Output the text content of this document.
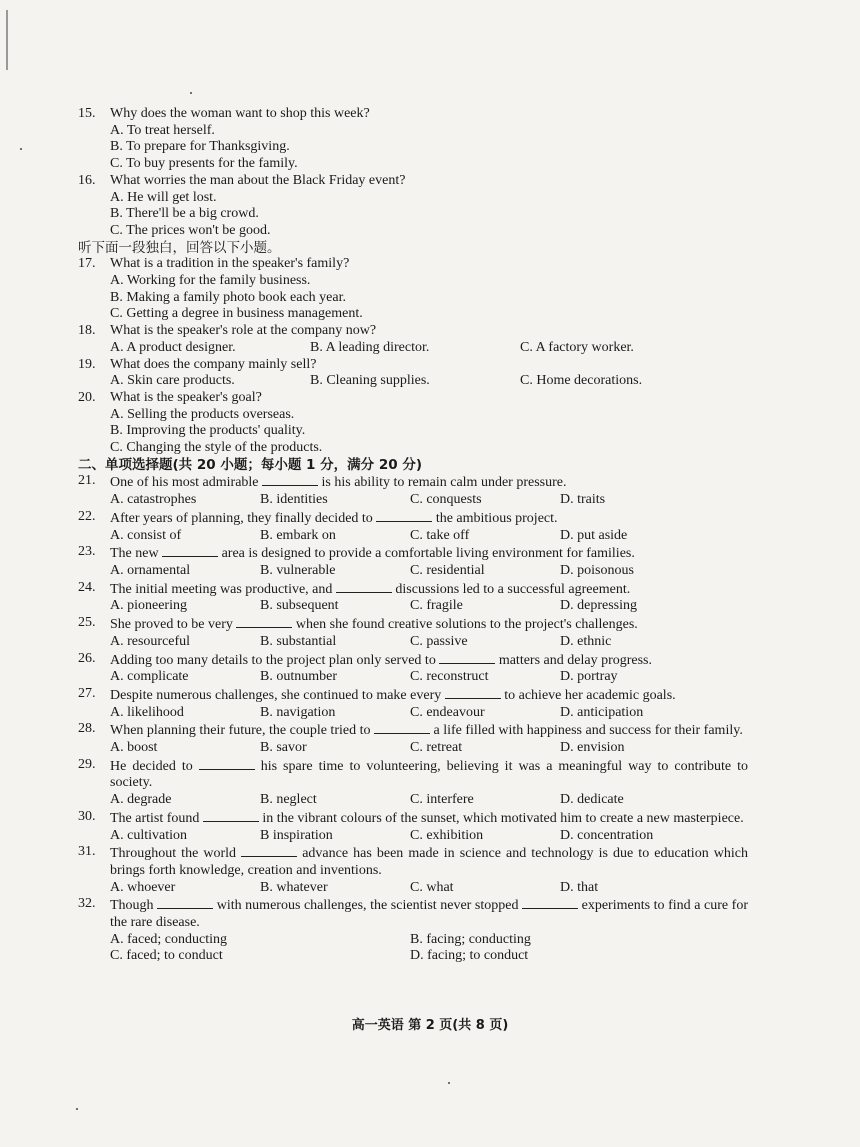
15.	Why does the woman want to shop this week?
A. To treat herself.
B. To prepare for Thanksgiving.
C. To buy presents for the family.
16.	What worries the man about the Black Friday event?
A. He will get lost.
B. There'll be a big crowd.
C. The prices won't be good.
听下面一段独白，回答以下小题。
17.	What is a tradition in the speaker's family?
A. Working for the family business.
B. Making a family photo book each year.
C. Getting a degree in business management.
18.	What is the speaker's role at the company now?
A. A product designer.	B. A leading director.	C. A factory worker.
19.	What does the company mainly sell?
A. Skin care products.	B. Cleaning supplies.	C. Home decorations.
20.	What is the speaker's goal?
A. Selling the products overseas.
B. Improving the products' quality.
C. Changing the style of the products.
二、单项选择题(共 20 小题；每小题 1 分，满分 20 分)
21.	One of his most admirable	is his ability to remain calm under pressure.
A. catastrophes	B. identities	C. conquests	D. traits
22.	After years of planning, they finally decided to	the ambitious project.
A. consist of	B. embark on	C. take off	D. put aside
23.	The new	area is designed to provide a comfortable living environment for families.
A. ornamental	B. vulnerable	C. residential	D. poisonous
24.	The initial meeting was productive, and	discussions led to a successful agreement.
A. pioneering	B. subsequent	C. fragile	D. depressing
25.	She proved to be very	when she found creative solutions to the project's challenges.
A. resourceful	B. substantial	C. passive	D. ethnic
26.	Adding too many details to the project plan only served to	matters and delay progress.
A. complicate	B. outnumber	C. reconstruct	D. portray
27.	Despite numerous challenges, she continued to make every	to achieve her academic goals.
A. likelihood	B. navigation	C. endeavour	D. anticipation
28.	When planning their future, the couple tried to	a life filled with happiness and success for their family.
A. boost	B. savor	C. retreat	D. envision
29.	He decided to	his spare time to volunteering, believing it was a meaningful way to contribute to society.
A. degrade	B. neglect	C. interfere	D. dedicate
30.	The artist found	in the vibrant colours of the sunset, which motivated him to create a new masterpiece.
A. cultivation	B inspiration	C. exhibition	D. concentration
31.	Throughout the world	advance has been made in science and technology is due to education which brings forth knowledge, creation and inventions.
A. whoever	B. whatever	C. what	D. that
32.	Though	with numerous challenges, the scientist never stopped	experiments to find a cure for the rare disease.
A. faced; conducting	B. facing; conducting
C. faced; to conduct	D. facing; to conduct
高一英语 第 2 页(共 8 页)
